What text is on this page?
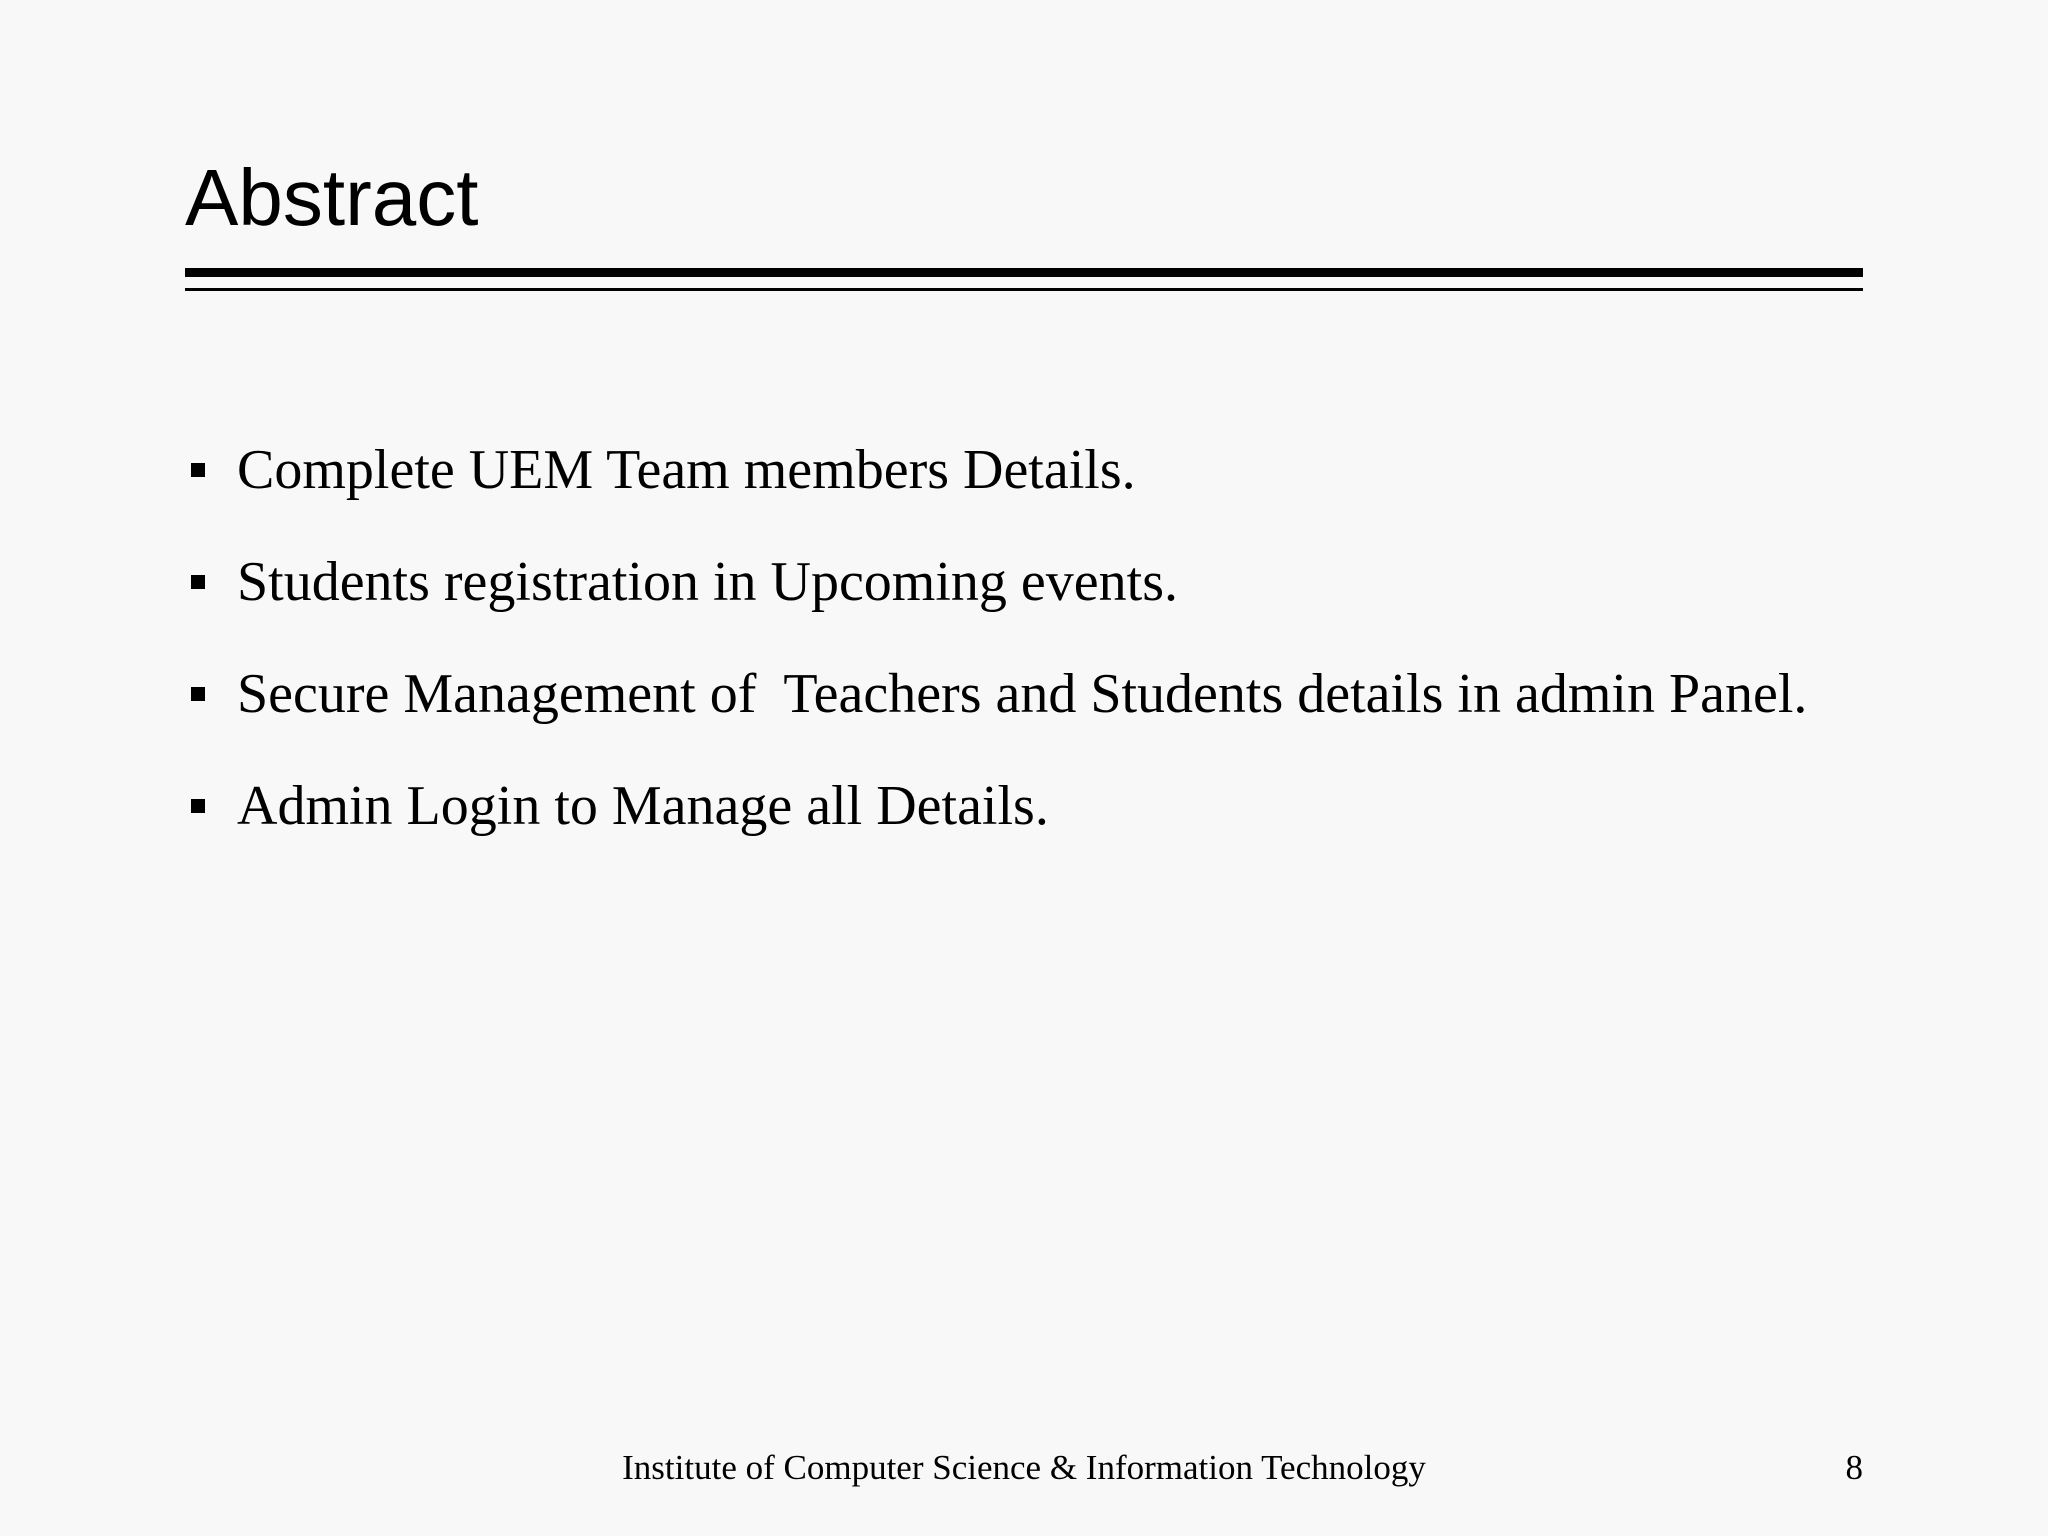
Abstract
Complete UEM Team members Details.
Students registration in Upcoming events.
Secure Management of  Teachers and Students details in admin Panel.
Admin Login to Manage all Details.
Institute of Computer Science & Information Technology	8
